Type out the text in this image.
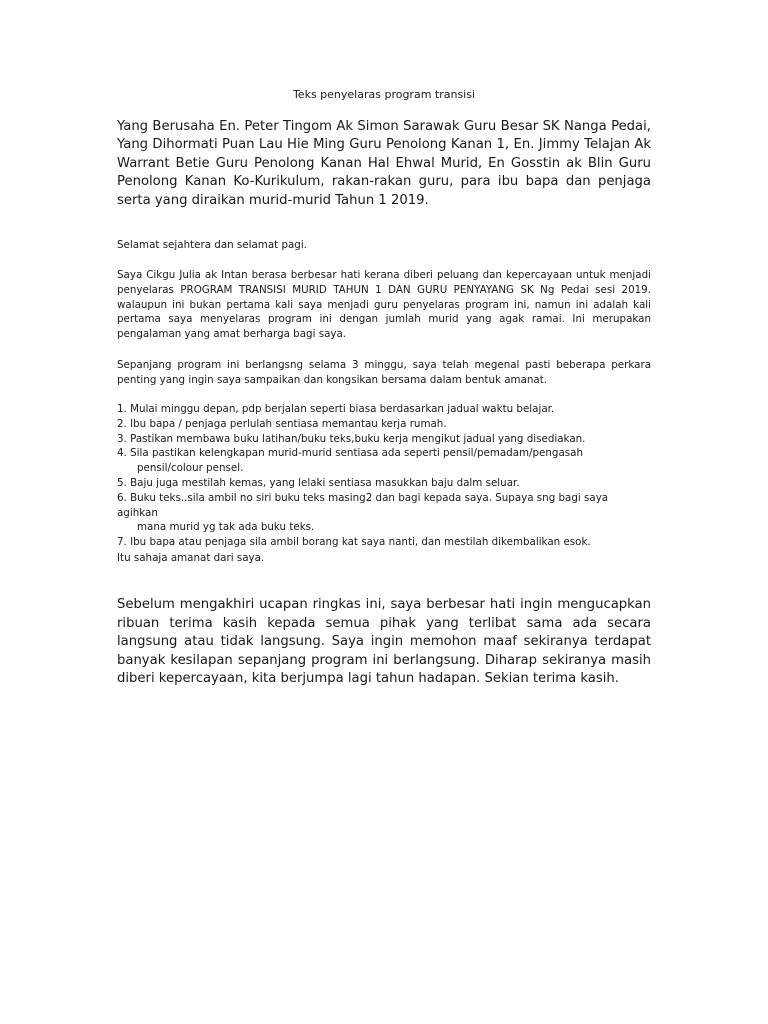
Teks penyelaras program transisi

Yang Berusaha En. Peter Tingom Ak Simon Sarawak Guru Besar SK Nanga Pedai, Yang Dihormati Puan Lau Hie Ming Guru Penolong Kanan 1, En. Jimmy Telajan Ak Warrant Betie Guru Penolong Kanan Hal Ehwal Murid, En Gosstin ak Blin Guru Penolong Kanan Ko-Kurikulum, rakan-rakan guru, para ibu bapa dan penjaga serta yang diraikan murid-murid Tahun 1 2019.

Selamat sejahtera dan selamat pagi.

Saya Cikgu Julia ak Intan berasa berbesar hati kerana diberi peluang dan kepercayaan untuk menjadi penyelaras PROGRAM TRANSISI MURID TAHUN 1 DAN GURU PENYAYANG SK Ng Pedai sesi 2019. walaupun ini bukan pertama kali saya menjadi guru penyelaras program ini, namun ini adalah kali pertama saya menyelaras program ini dengan jumlah murid yang agak ramai. Ini merupakan pengalaman yang amat berharga bagi saya.

Sepanjang program ini berlangsng selama 3 minggu, saya telah megenal pasti beberapa perkara penting yang ingin saya sampaikan dan kongsikan bersama dalam bentuk amanat.

1. Mulai minggu depan, pdp berjalan seperti biasa berdasarkan jadual waktu belajar.
2. Ibu bapa / penjaga perlulah sentiasa memantau kerja rumah.
3. Pastikan membawa buku latihan/buku teks,buku kerja mengikut jadual yang disediakan.
4. Sila pastikan kelengkapan murid-murid sentiasa ada seperti pensil/pemadam/pengasah
pensil/colour pensel.
5. Baju juga mestilah kemas, yang lelaki sentiasa masukkan baju dalm seluar.
6. Buku teks..sila ambil no siri buku teks masing2 dan bagi kepada saya. Supaya sng bagi saya agihkan
mana murid yg tak ada buku teks.
7. Ibu bapa atau penjaga sila ambil borang kat saya nanti, dan mestilah dikembalikan esok.

Itu sahaja amanat dari saya.

Sebelum mengakhiri ucapan ringkas ini, saya berbesar hati ingin mengucapkan ribuan terima kasih kepada semua pihak yang terlibat sama ada secara langsung atau tidak langsung. Saya ingin memohon maaf sekiranya terdapat banyak kesilapan sepanjang program ini berlangsung. Diharap sekiranya masih diberi kepercayaan, kita berjumpa lagi tahun hadapan. Sekian terima kasih.
